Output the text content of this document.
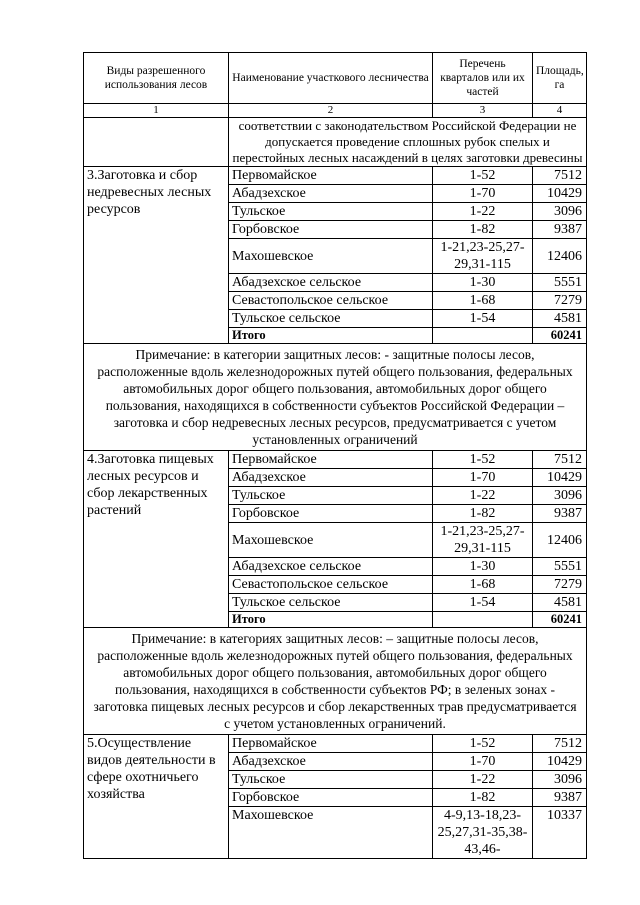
Виды разрешенного использования лесов	Наименование участкового лесничества	Перечень кварталов или их частей	Площадь, га
1	2	3	4
	соответствии с законодательством Российской Федерации не допускается проведение сплошных рубок спелых и перестойных лесных насаждений в целях заготовки древесины		
3.Заготовка и сбор недревесных лесных ресурсов	Первомайское	1-52	7512
	Абадзехское	1-70	10429
	Тульское	1-22	3096
	Горбовское	1-82	9387
	Махошевское	1-21,23-25,27-29,31-115	12406
	Абадзехское сельское	1-30	5551
	Севастопольское сельское	1-68	7279
	Тульское сельское	1-54	4581
	Итого		60241
Примечание: в категории защитных лесов: - защитные полосы лесов, расположенные вдоль железнодорожных путей общего пользования, федеральных автомобильных дорог общего пользования, автомобильных дорог общего пользования, находящихся в собственности субъектов Российской Федерации – заготовка и сбор недревесных лесных ресурсов, предусматривается с учетом установленных ограничений			
4.Заготовка пищевых лесных ресурсов и сбор лекарственных растений	Первомайское	1-52	7512
	Абадзехское	1-70	10429
	Тульское	1-22	3096
	Горбовское	1-82	9387
	Махошевское	1-21,23-25,27-29,31-115	12406
	Абадзехское сельское	1-30	5551
	Севастопольское сельское	1-68	7279
	Тульское сельское	1-54	4581
	Итого		60241
Примечание: в категориях защитных лесов: – защитные полосы лесов, расположенные вдоль железнодорожных путей общего пользования, федеральных автомобильных дорог общего пользования, автомобильных дорог общего пользования, находящихся в собственности субъектов РФ; в зеленых зонах - заготовка пищевых лесных ресурсов и сбор лекарственных трав предусматривается с учетом установленных ограничений.			
5.Осуществление видов деятельности в сфере охотничьего хозяйства	Первомайское	1-52	7512
	Абадзехское	1-70	10429
	Тульское	1-22	3096
	Горбовское	1-82	9387
	Махошевское	4-9,13-18,23-25,27,31-35,38-43,46-	10337
